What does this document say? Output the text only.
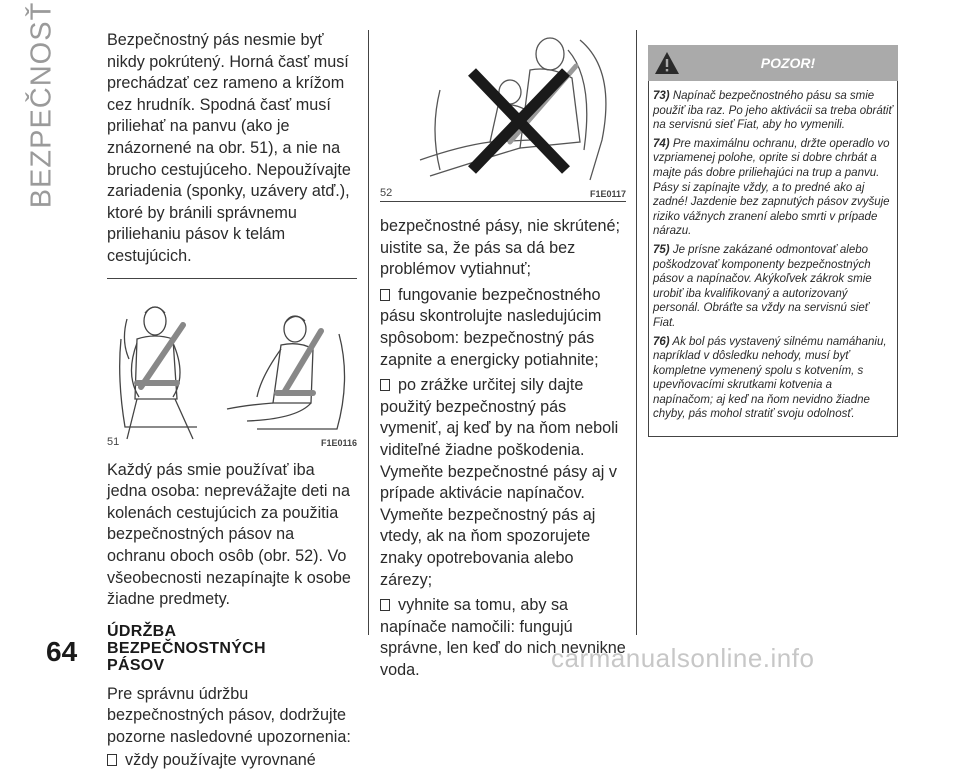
BEZPEČNOSŤ
64

Bezpečnostný pás nesmie byť nikdy pokrútený. Horná časť musí prechádzať cez rameno a krížom cez hrudník. Spodná časť musí priliehať na panvu (ako je znázornené na obr. 51), a nie na brucho cestujúceho. Nepoužívajte zariadenia (sponky, uzávery atď.), ktoré by bránili správnemu priliehaniu pásov k telám cestujúcich.

51	F1E0116

Každý pás smie používať iba jedna osoba: neprevážajte deti na kolenách cestujúcich za použitia bezpečnostných pásov na ochranu oboch osôb (obr. 52). Vo všeobecnosti nezapínajte k osobe žiadne predmety.

ÚDRŽBA
BEZPEČNOSTNÝCH
PÁSOV

Pre správnu údržbu bezpečnostných pásov, dodržujte pozorne nasledovné upozornenia:

vždy používajte vyrovnané
52	F1E0117

bezpečnostné pásy, nie skrútené; uistite sa, že pás sa dá bez problémov vytiahnuť;

fungovanie bezpečnostného pásu skontrolujte nasledujúcim spôsobom: bezpečnostný pás zapnite a energicky potiahnite;
po zrážke určitej sily dajte použitý bezpečnostný pás vymeniť, aj keď by na ňom neboli viditeľné žiadne poškodenia. Vymeňte bezpečnostné pásy aj v prípade aktivácie napínačov. Vymeňte bezpečnostný pás aj vtedy, ak na ňom spozorujete znaky opotrebovania alebo zárezy;
vyhnite sa tomu, aby sa napínače namočili: fungujú správne, len keď do nich nevnikne voda.
POZOR!
73) Napínač bezpečnostného pásu sa smie použiť iba raz. Po jeho aktivácii sa treba obrátiť na servisnú sieť Fiat, aby ho vymenili.
74) Pre maximálnu ochranu, držte operadlo vo vzpriamenej polohe, oprite si dobre chrbát a majte pás dobre priliehajúci na trup a panvu. Pásy si zapínajte vždy, a to predné ako aj zadné! Jazdenie bez zapnutých pásov zvyšuje riziko vážnych zranení alebo smrti v prípade nárazu.
75) Je prísne zakázané odmontovať alebo poškodzovať komponenty bezpečnostných pásov a napínačov. Akýkoľvek zákrok smie urobiť iba kvalifikovaný a autorizovaný personál. Obráťte sa vždy na servisnú sieť Fiat.
76) Ak bol pás vystavený silnému namáhaniu, napríklad v dôsledku nehody, musí byť kompletne vymenený spolu s kotvením, s upevňovacími skrutkami kotvenia a napínačom; aj keď na ňom nevidno žiadne chyby, pás mohol stratiť svoju odolnosť.
carmanualsonline.info
